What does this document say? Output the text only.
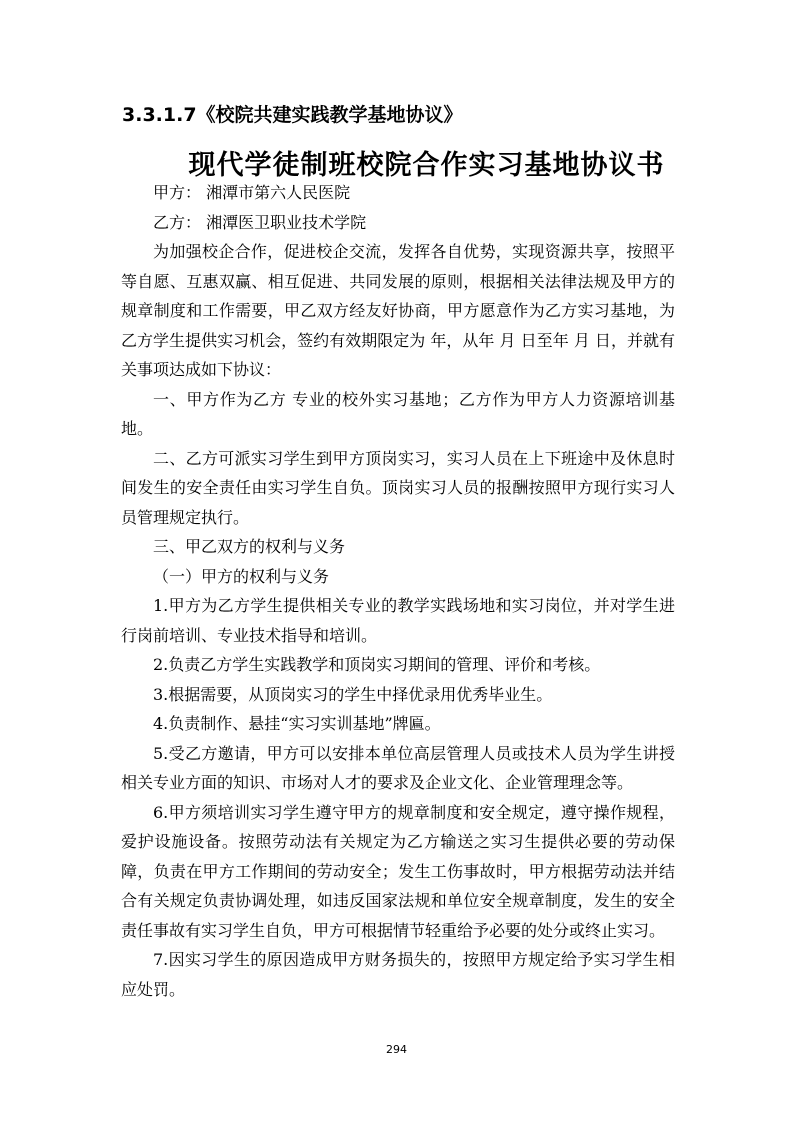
3.3.1.7《校院共建实践教学基地协议》
现代学徒制班校院合作实习基地协议书

甲方： 湘潭市第六人民医院

乙方： 湘潭医卫职业技术学院

为加强校企合作，促进校企交流，发挥各自优势，实现资源共享，按照平等自愿、互惠双赢、相互促进、共同发展的原则，根据相关法律法规及甲方的规章制度和工作需要，甲乙双方经友好协商，甲方愿意作为乙方实习基地，为乙方学生提供实习机会，签约有效期限定为 年，从年 月 日至年 月 日，并就有关事项达成如下协议：

一、甲方作为乙方 专业的校外实习基地；乙方作为甲方人力资源培训基地。

二、乙方可派实习学生到甲方顶岗实习，实习人员在上下班途中及休息时间发生的安全责任由实习学生自负。顶岗实习人员的报酬按照甲方现行实习人员管理规定执行。

三、甲乙双方的权利与义务

（一）甲方的权利与义务

1.甲方为乙方学生提供相关专业的教学实践场地和实习岗位，并对学生进行岗前培训、专业技术指导和培训。

2.负责乙方学生实践教学和顶岗实习期间的管理、评价和考核。

3.根据需要，从顶岗实习的学生中择优录用优秀毕业生。

4.负责制作、悬挂“实习实训基地”牌匾。

5.受乙方邀请，甲方可以安排本单位高层管理人员或技术人员为学生讲授相关专业方面的知识、市场对人才的要求及企业文化、企业管理理念等。

6.甲方须培训实习学生遵守甲方的规章制度和安全规定，遵守操作规程，爱护设施设备。按照劳动法有关规定为乙方输送之实习生提供必要的劳动保障，负责在甲方工作期间的劳动安全；发生工伤事故时，甲方根据劳动法并结合有关规定负责协调处理，如违反国家法规和单位安全规章制度，发生的安全责任事故有实习学生自负，甲方可根据情节轻重给予必要的处分或终止实习。

7.因实习学生的原因造成甲方财务损失的，按照甲方规定给予实习学生相应处罚。

294
